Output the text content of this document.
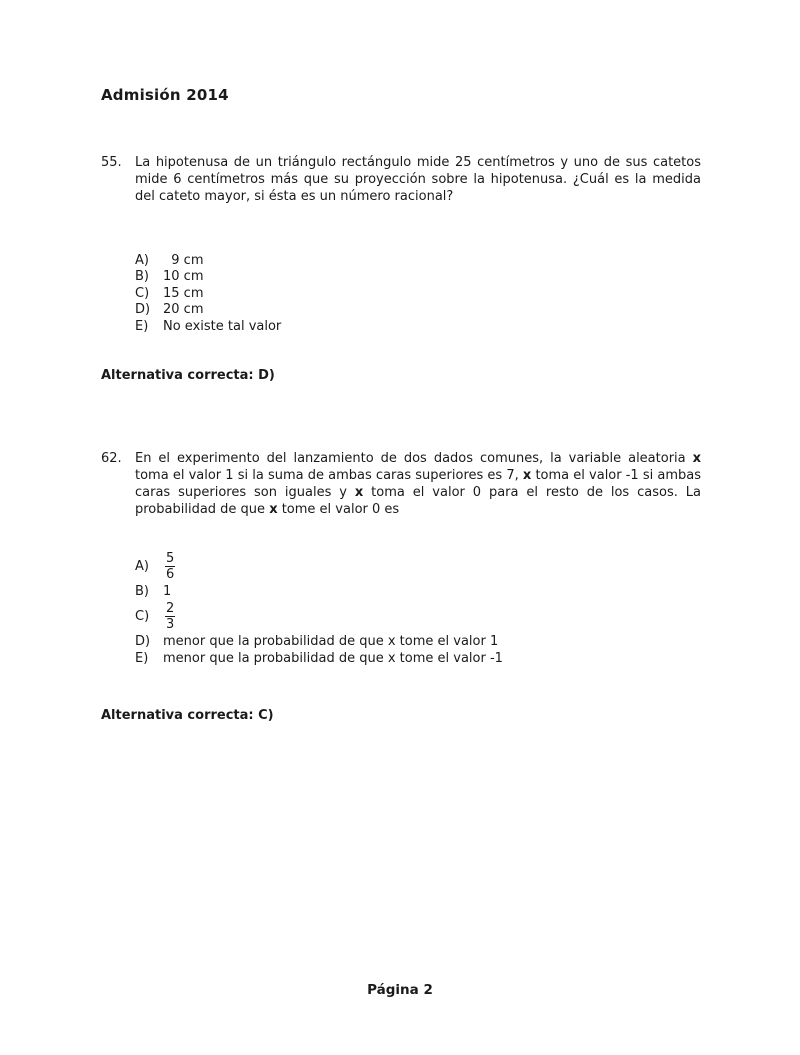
Admisión 2014
55. La hipotenusa de un triángulo rectángulo mide 25 centímetros y uno de sus catetos mide 6 centímetros más que su proyección sobre la hipotenusa. ¿Cuál es la medida del cateto mayor, si ésta es un número racional?
A)	9 cm
B)	10 cm
C)	15 cm
D) 20 cm
E)	No existe tal valor
Alternativa correcta: D)
62. En el experimento del lanzamiento de dos dados comunes, la variable aleatoria x toma el valor 1 si la suma de ambas caras superiores es 7, x toma el valor -1 si ambas caras superiores son iguales y x toma el valor 0 para el resto de los casos. La probabilidad de que x tome el valor 0 es
A)	$\frac{5}{6}$
B)	1
C)	$\frac{2}{3}$
D) menor que la probabilidad de que x tome el valor 1
E)	menor que la probabilidad de que x tome el valor -1
Alternativa correcta: C)
Página 2
